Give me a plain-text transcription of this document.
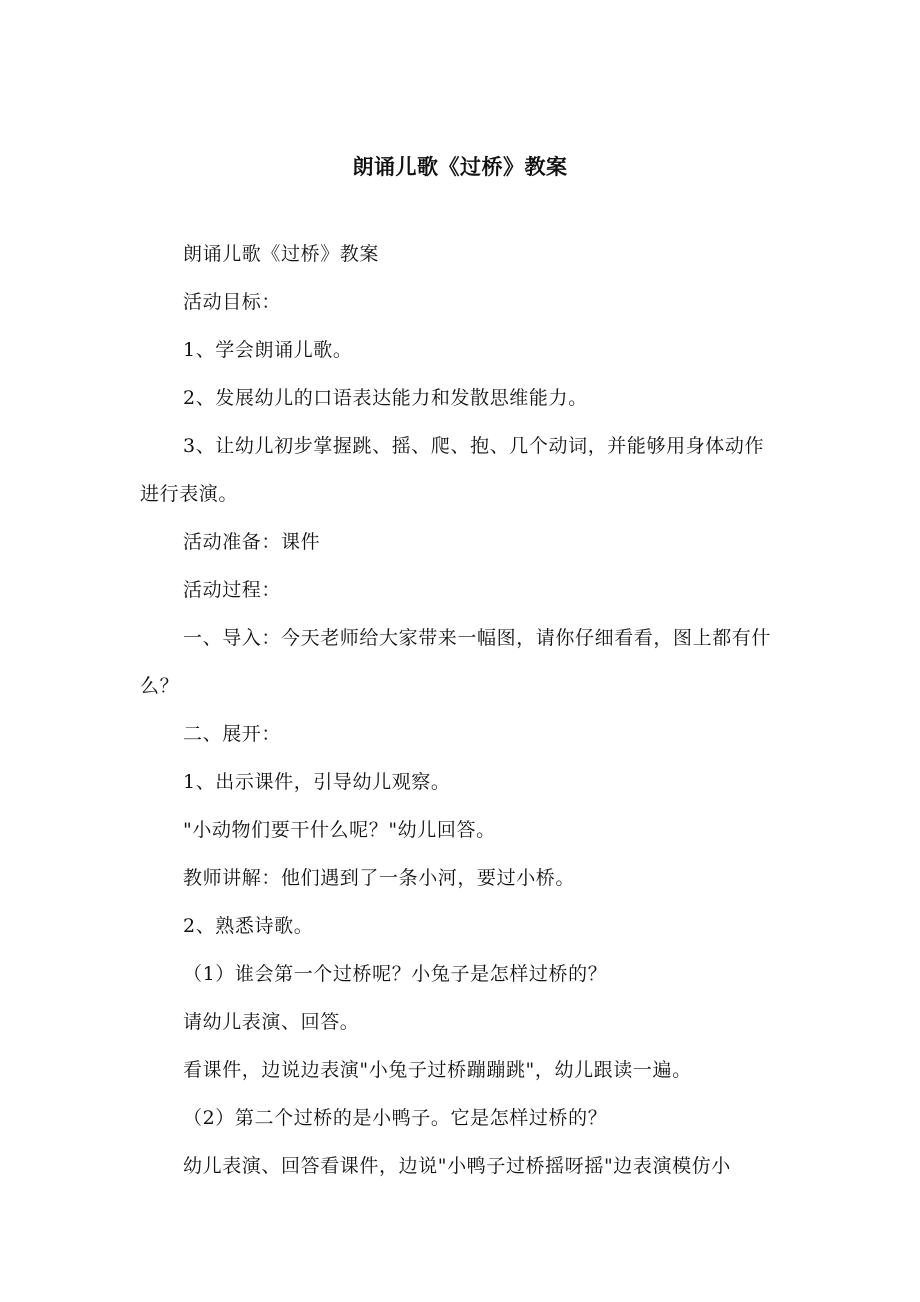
朗诵儿歌《过桥》教案

朗诵儿歌《过桥》教案

活动目标：

1、学会朗诵儿歌。

2、发展幼儿的口语表达能力和发散思维能力。

3、让幼儿初步掌握跳、摇、爬、抱、几个动词，并能够用身体动作进行表演。

活动准备：课件

活动过程：

一、导入：今天老师给大家带来一幅图，请你仔细看看，图上都有什么？

二、展开：

1、出示课件，引导幼儿观察。

"小动物们要干什么呢？"幼儿回答。

教师讲解：他们遇到了一条小河，要过小桥。

2、熟悉诗歌。

（1）谁会第一个过桥呢？小兔子是怎样过桥的？

请幼儿表演、回答。

看课件，边说边表演"小兔子过桥蹦蹦跳"，幼儿跟读一遍。

（2）第二个过桥的是小鸭子。它是怎样过桥的？

幼儿表演、回答看课件，边说"小鸭子过桥摇呀摇"边表演模仿小
